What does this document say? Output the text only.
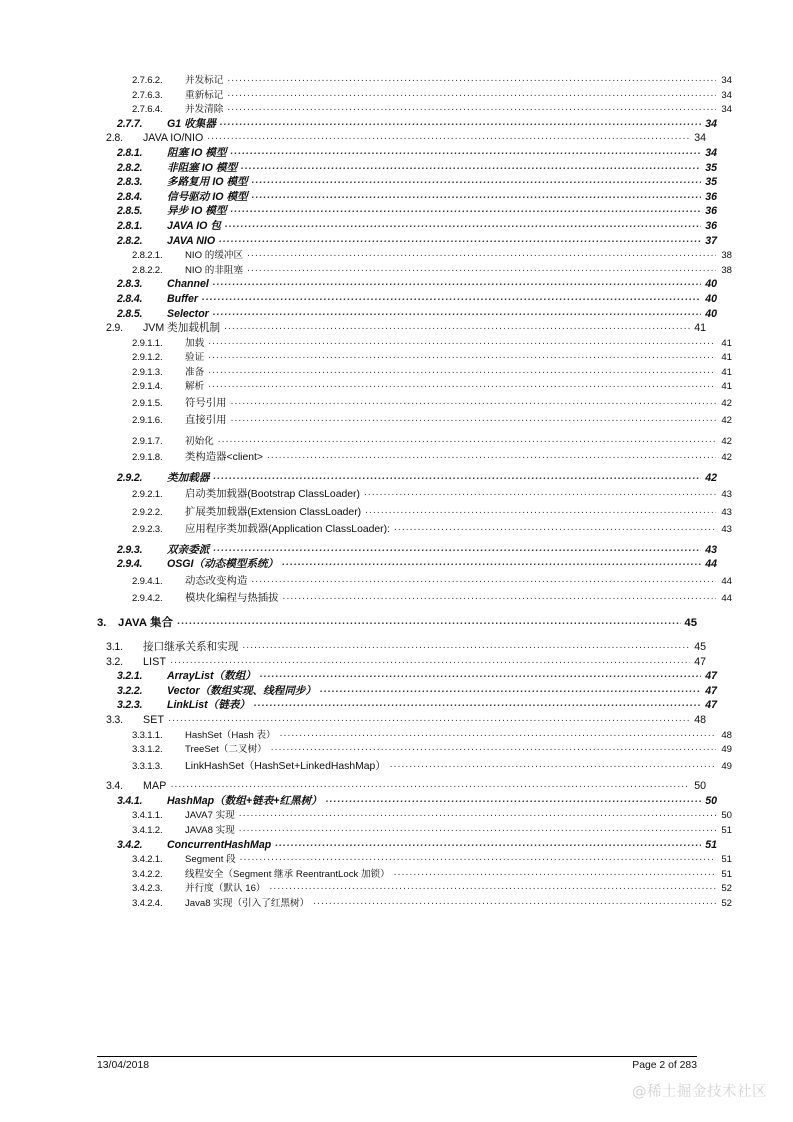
2.7.6.2.	并发标记 .....	34
2.7.6.3.	重新标记 .....	34
2.7.6.4.	并发清除 .....	34
2.7.7.	G1 收集器 .....	34
2.8.	JAVA IO/NIO .....	34
2.8.1.	阻塞 IO 模型 .....	34
2.8.2.	非阻塞 IO 模型 .....	35
2.8.3.	多路复用 IO 模型 .....	35
2.8.4.	信号驱动 IO 模型 .....	36
2.8.5.	异步 IO 模型 .....	36
2.8.1.	JAVA IO 包 .....	36
2.8.2.	JAVA NIO .....	37
2.8.2.1.	NIO 的缓冲区 .....	38
2.8.2.2.	NIO 的非阻塞 .....	38
2.8.3.	Channel .....	40
2.8.4.	Buffer .....	40
2.8.5.	Selector .....	40
2.9.	JVM 类加载机制 .....	41
2.9.1.1.	加载 .....	41
2.9.1.2.	验证 .....	41
2.9.1.3.	准备 .....	41
2.9.1.4.	解析 .....	41
2.9.1.5.	符号引用 .....	42
2.9.1.6.	直接引用 .....	42
2.9.1.7.	初始化 .....	42
2.9.1.8.	类构造器<client> .....	42
2.9.2.	类加载器 .....	42
2.9.2.1.	启动类加载器(Bootstrap ClassLoader) .....	43
2.9.2.2.	扩展类加载器(Extension ClassLoader) .....	43
2.9.2.3.	应用程序类加载器(Application ClassLoader): .....	43
2.9.3.	双亲委派 .....	43
2.9.4.	OSGI（动态模型系统） .....	44
2.9.4.1.	动态改变构造 .....	44
2.9.4.2.	模块化编程与热插拔 .....	44
3.	JAVA 集合 .....	45
3.1.	接口继承关系和实现 .....	45
3.2.	LIST .....	47
3.2.1.	ArrayList（数组） .....	47
3.2.2.	Vector（数组实现、线程同步） .....	47
3.2.3.	LinkList（链表） .....	47
3.3.	SET .....	48
3.3.1.1.	HashSet（Hash 表） .....	48
3.3.1.2.	TreeSet（二叉树） .....	49
3.3.1.3.	LinkHashSet（HashSet+LinkedHashMap） .....	49
3.4.	MAP .....	50
3.4.1.	HashMap（数组+链表+红黑树） .....	50
3.4.1.1.	JAVA7 实现 .....	50
3.4.1.2.	JAVA8 实现 .....	51
3.4.2.	ConcurrentHashMap .....	51
3.4.2.1.	Segment 段 .....	51
3.4.2.2.	线程安全（Segment 继承 ReentrantLock 加锁） .....	51
3.4.2.3.	并行度（默认 16） .....	52
3.4.2.4.	Java8 实现（引入了红黑树） .....	52
13/04/2018	Page 2 of 283
@稀土掘金技术社区
